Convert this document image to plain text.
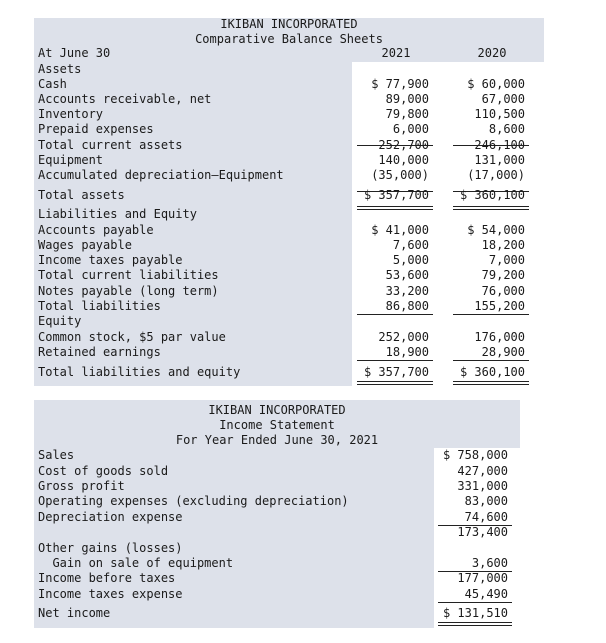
IKIBAN INCORPORATED
Comparative Balance Sheets
At June 30	2021	2020
Assets
Cash	$ 77,900	$ 60,000
Accounts receivable, net	89,000	67,000
Inventory	79,800	110,500
Prepaid expenses	6,000	8,600
Total current assets	252,700	246,100
Equipment	140,000	131,000
Accumulated depreciation—Equipment	(35,000)	(17,000)
Total assets	$ 357,700	$ 360,100
Liabilities and Equity
Accounts payable	$ 41,000	$ 54,000
Wages payable	7,600	18,200
Income taxes payable	5,000	7,000
Total current liabilities	53,600	79,200
Notes payable (long term)	33,200	76,000
Total liabilities	86,800	155,200
Equity
Common stock, $5 par value	252,000	176,000
Retained earnings	18,900	28,900
Total liabilities and equity	$ 357,700	$ 360,100
IKIBAN INCORPORATED
Income Statement
For Year Ended June 30, 2021
Sales	$ 758,000
Cost of goods sold	427,000
Gross profit	331,000
Operating expenses (excluding depreciation)	83,000
Depreciation expense	74,600
173,400
Other gains (losses)
Gain on sale of equipment	3,600
Income before taxes	177,000
Income taxes expense	45,490
Net income	$ 131,510
